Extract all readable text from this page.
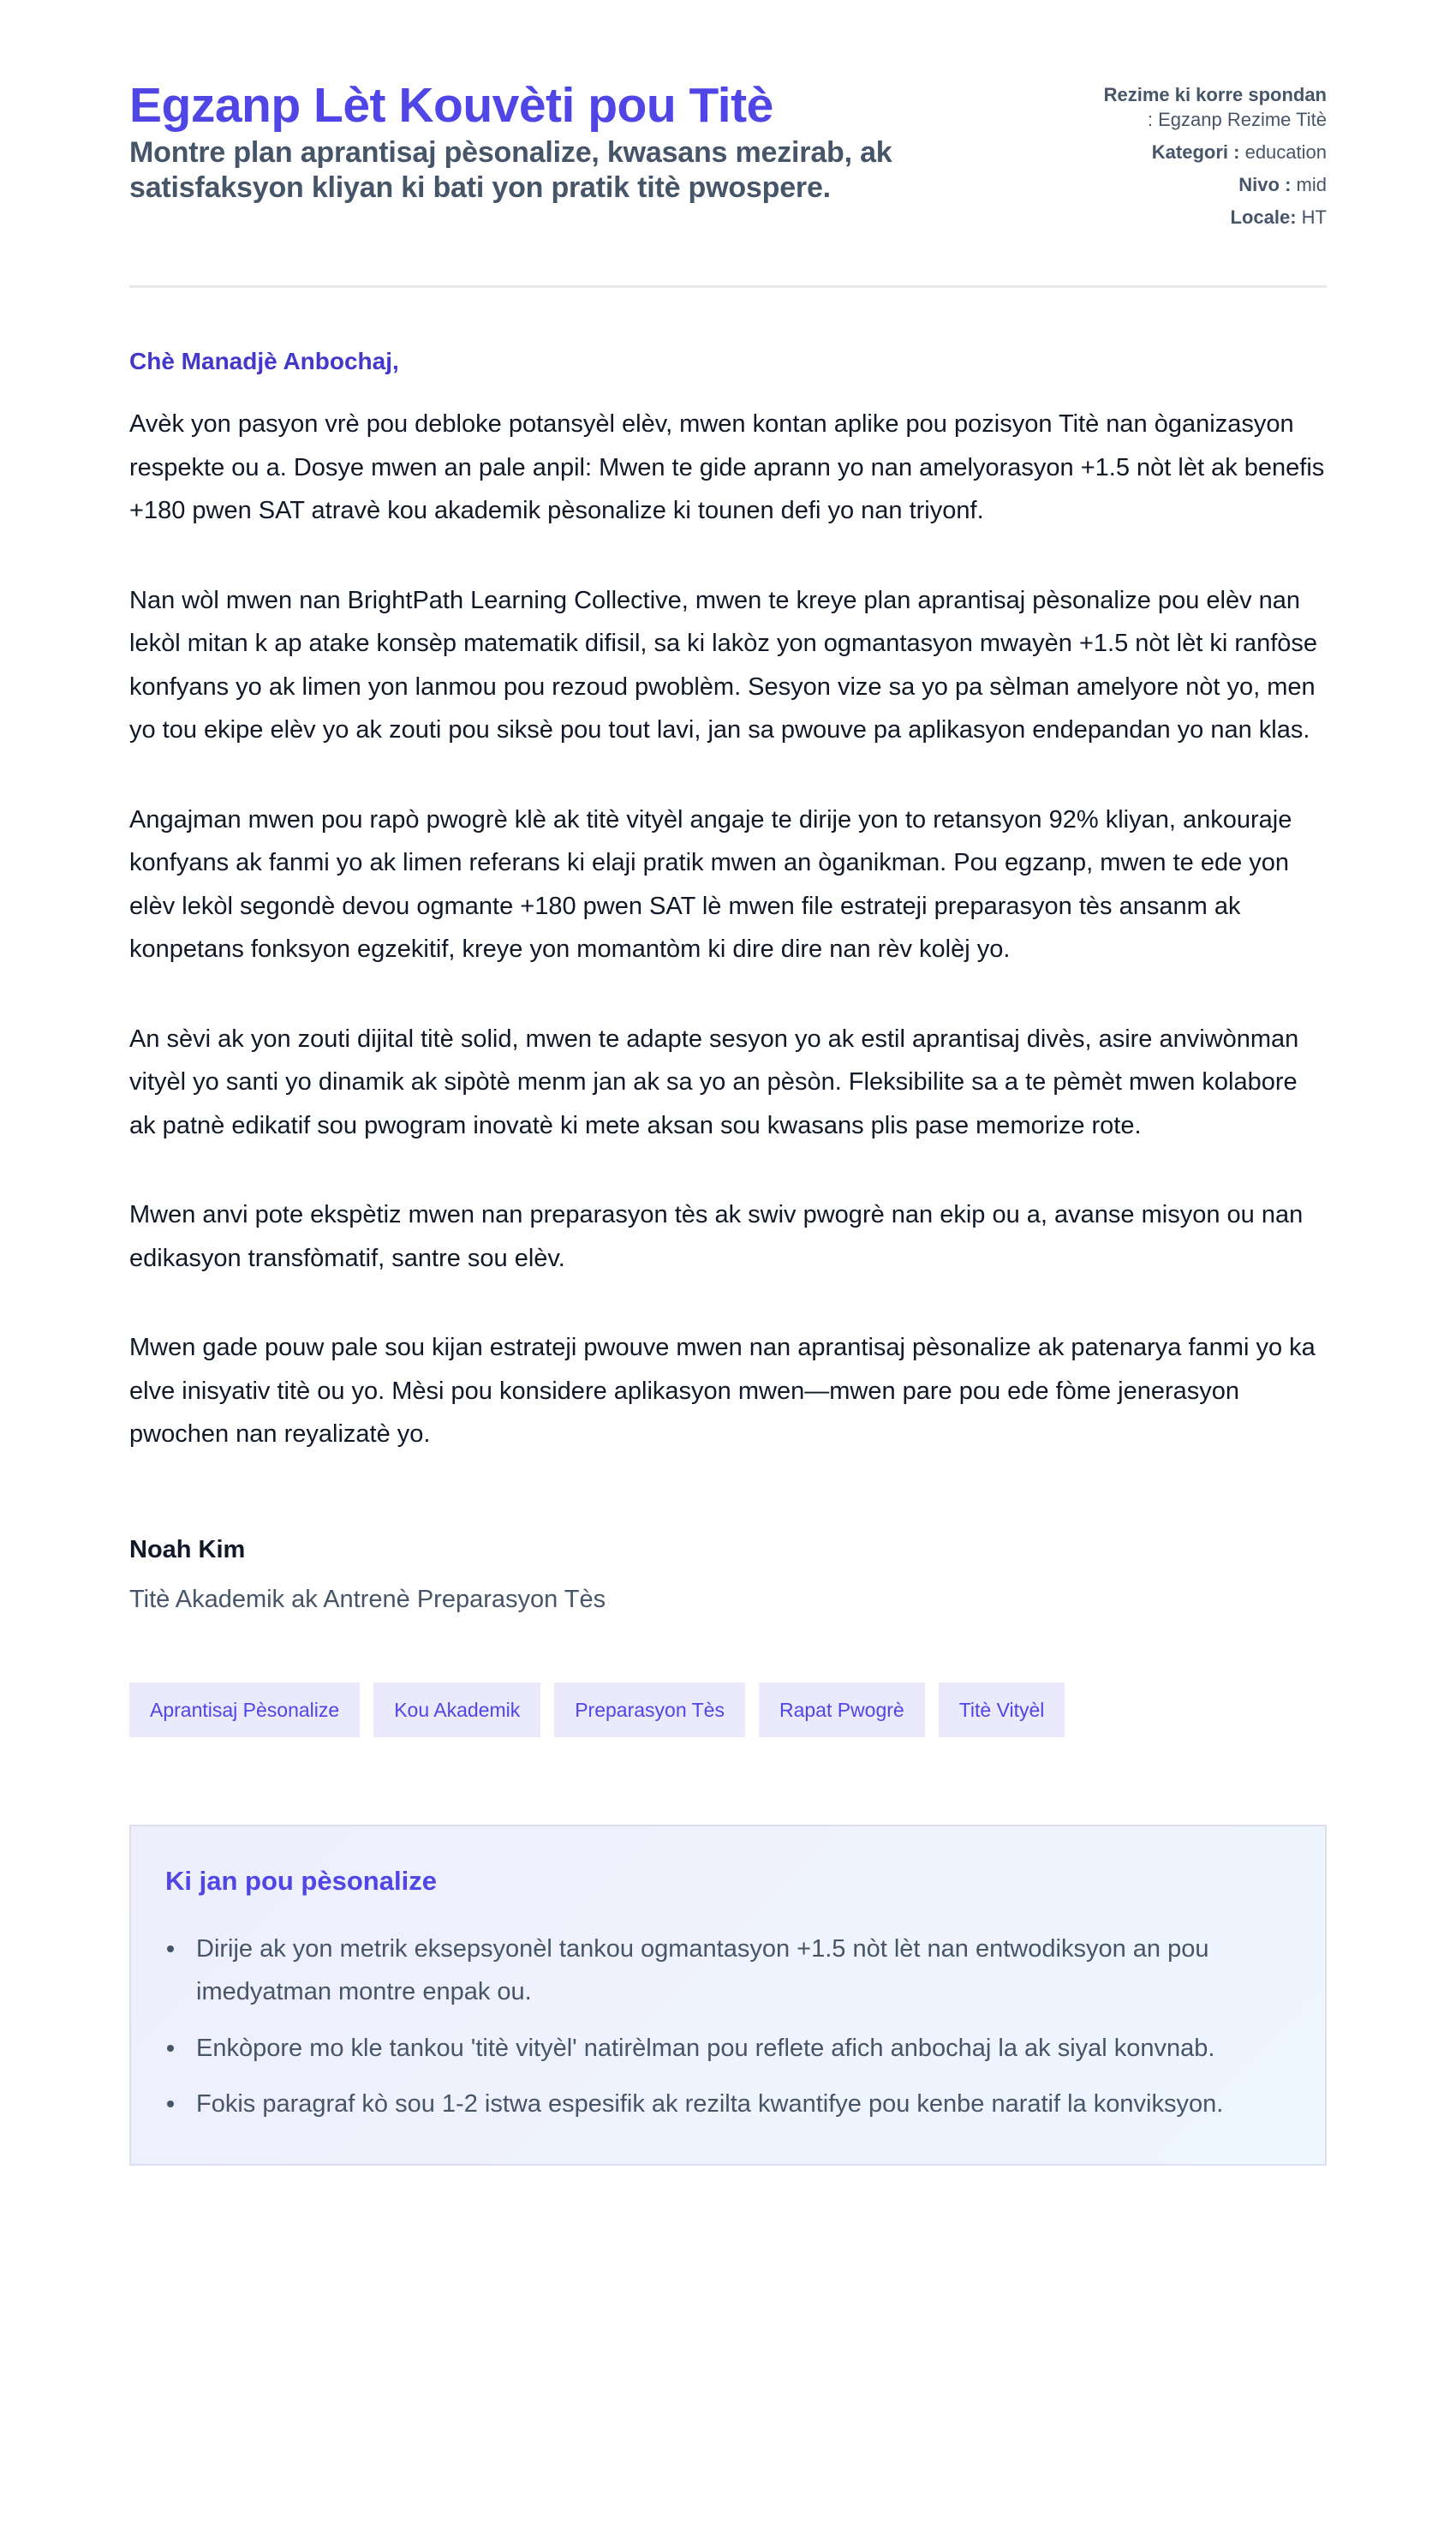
Egzanp Lèt Kouvèti pou Titè
Montre plan aprantisaj pèsonalize, kwasans mezirab, ak satisfaksyon kliyan ki bati yon pratik titè pwospere.
Rezime ki korre spondan
: Egzanp Rezime Titè
Kategori : education
Nivo : mid
Locale: HT

Chè Manadjè Anbochaj,

Avèk yon pasyon vrè pou debloke potansyèl elèv, mwen kontan aplike pou pozisyon Titè nan òganizasyon respekte ou a. Dosye mwen an pale anpil: Mwen te gide aprann yo nan amelyorasyon +1.5 nòt lèt ak benefis +180 pwen SAT atravè kou akademik pèsonalize ki tounen defi yo nan triyonf.

Nan wòl mwen nan BrightPath Learning Collective, mwen te kreye plan aprantisaj pèsonalize pou elèv nan lekòl mitan k ap atake konsèp matematik difisil, sa ki lakòz yon ogmantasyon mwayèn +1.5 nòt lèt ki ranfòse konfyans yo ak limen yon lanmou pou rezoud pwoblèm. Sesyon vize sa yo pa sèlman amelyore nòt yo, men yo tou ekipe elèv yo ak zouti pou siksè pou tout lavi, jan sa pwouve pa aplikasyon endepandan yo nan klas.

Angajman mwen pou rapò pwogrè klè ak titè vityèl angaje te dirije yon to retansyon 92% kliyan, ankouraje konfyans ak fanmi yo ak limen referans ki elaji pratik mwen an òganikman. Pou egzanp, mwen te ede yon elèv lekòl segondè devou ogmante +180 pwen SAT lè mwen file estrateji preparasyon tès ansanm ak konpetans fonksyon egzekitif, kreye yon momantòm ki dire dire nan rèv kolèj yo.

An sèvi ak yon zouti dijital titè solid, mwen te adapte sesyon yo ak estil aprantisaj divès, asire anviwònman vityèl yo santi yo dinamik ak sipòtè menm jan ak sa yo an pèsòn. Fleksibilite sa a te pèmèt mwen kolabore ak patnè edikatif sou pwogram inovatè ki mete aksan sou kwasans plis pase memorize rote.

Mwen anvi pote ekspètiz mwen nan preparasyon tès ak swiv pwogrè nan ekip ou a, avanse misyon ou nan edikasyon transfòmatif, santre sou elèv.

Mwen gade pouw pale sou kijan estrateji pwouve mwen nan aprantisaj pèsonalize ak patenarya fanmi yo ka elve inisyativ titè ou yo. Mèsi pou konsidere aplikasyon mwen—mwen pare pou ede fòme jenerasyon pwochen nan reyalizatè yo.

Noah Kim
Titè Akademik ak Antrenè Preparasyon Tès
Aprantisaj Pèsonalize	Kou Akademik	Preparasyon Tès	Rapat Pwogrè	Titè Vityèl
Ki jan pou pèsonalize
Dirije ak yon metrik eksepsyonèl tankou ogmantasyon +1.5 nòt lèt nan entwodiksyon an pou imedyatman montre enpak ou.
Enkòpore mo kle tankou 'titè vityèl' natirèlman pou reflete afich anbochaj la ak siyal konvnab.
Fokis paragraf kò sou 1-2 istwa espesifik ak rezilta kwantifye pou kenbe naratif la konviksyon.
